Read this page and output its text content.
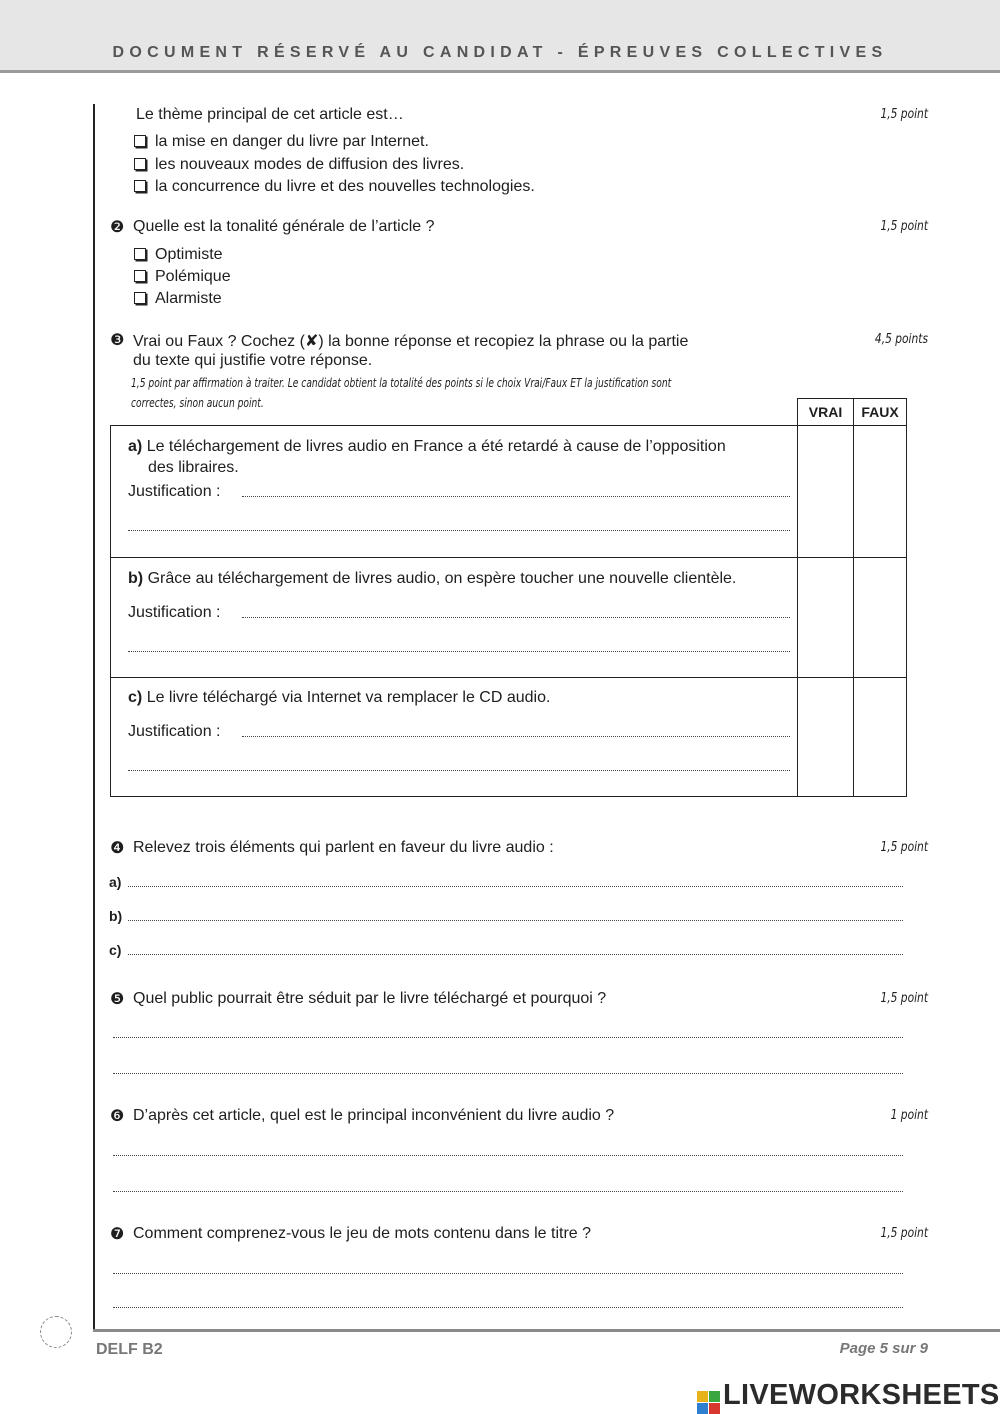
DOCUMENT RÉSERVÉ AU CANDIDAT - ÉPREUVES COLLECTIVES
Le thème principal de cet article est…	1,5 point
la mise en danger du livre par Internet.
les nouveaux modes de diffusion des livres.
la concurrence du livre et des nouvelles technologies.
❷ Quelle est la tonalité générale de l’article ?	1,5 point
Optimiste
Polémique
Alarmiste
❸ Vrai ou Faux ? Cochez (✘) la bonne réponse et recopiez la phrase ou la partie
du texte qui justifie votre réponse.
4,5 points
1,5 point par affirmation à traiter. Le candidat obtient la totalité des points si le choix Vrai/Faux ET la justification sont
correctes, sinon aucun point.
	VRAI	FAUX

a) Le téléchargement de livres audio en France a été retardé à cause de l’opposition
des libraires.
Justification :		

b) Grâce au téléchargement de livres audio, on espère toucher une nouvelle clientèle.
Justification :		

c) Le livre téléchargé via Internet va remplacer le CD audio.
Justification :		

❹ Relevez trois éléments qui parlent en faveur du livre audio :	1,5 point
a)
b)
c)
❺ Quel public pourrait être séduit par le livre téléchargé et pourquoi ?	1,5 point
❻ D’après cet article, quel est le principal inconvénient du livre audio ?	1 point
❼ Comment comprenez-vous le jeu de mots contenu dans le titre ?	1,5 point
DELF B2	Page 5 sur 9
LIVEWORKSHEETS
